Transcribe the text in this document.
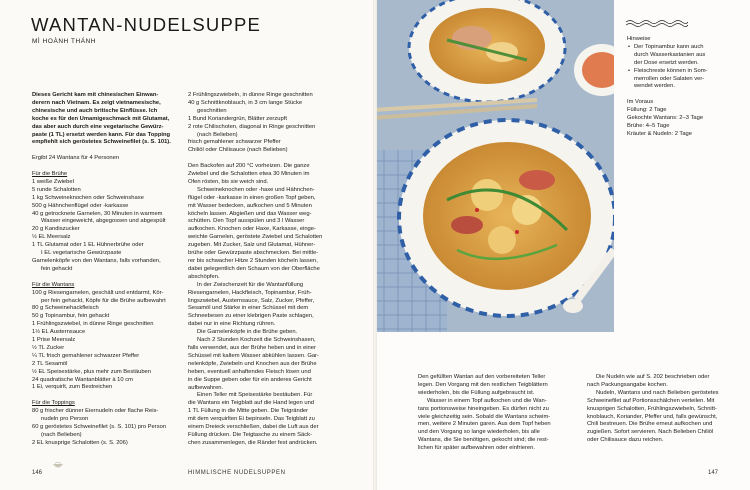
WANTAN-NUDELSUPPE
MÌ HOÀNH THÁNH

Dieses Gericht kam mit chinesischen Einwan-

derern nach Vietnam. Es zeigt vietnamesische,

chinesische und auch britische Einflüsse. Ich

koche es für den Umamigeschmack mit Glutamat,

das aber auch durch eine vegetarische Gewürz-

paste (1 TL) ersetzt werden kann. Für das Topping

empfiehlt sich geröstetes Schweinefilet (s. S. 101).

Ergibt 24 Wantans für 4 Personen

Für die Brühe

1 weiße Zwiebel

5 runde Schalotten

1 kg Schweineknochen oder Schweinshaxe

500 g Hähnchenflügel oder -karkasse

40 g getrocknete Garnelen, 30 Minuten in warmem

Wasser eingeweicht, abgegossen und abgespült

20 g Kandiszucker

½ EL Meersalz

1 TL Glutamat oder 1 EL Hühnerbrühe oder

I EL vegetarische Gewürzpaste

Garnelenköpfe von den Wantans, falls vorhanden,

fein gehackt

Für die Wantans

100 g Riesengarnelen, geschält und entdarmt, Kör-

per fein gehackt, Köpfe für die Brühe aufbewahrt

80 g Schweinehackfleisch

50 g Topinambur, fein gehackt

1 Frühlingszwiebel, in dünne Ringe geschnitten

1½ EL Austernsauce

1 Prise Meersalz

½ TL Zucker

¼ TL frisch gemahlener schwarzer Pfeffer

2 TL Sesamöl

½ EL Speisestärke, plus mehr zum Bestäuben

24 quadratische Wantanblätter à 10 cm

1 Ei, verquirlt, zum Bestreichen

Für die Toppings

80 g frischer dünner Eiernudeln oder flache Reis-

nudeln pro Person

60 g geröstetes Schweinefilet (s. S. 101) pro Person

(nach Belieben)

2 EL knusprige Schalotten (s. S. 206)

2 Frühlingszwiebeln, in dünne Ringe geschnitten

40 g Schnittknoblauch, in 3 cm lange Stücke

geschnitten

1 Bund Koriandergrün, Blätter zerzupft

2 rote Chilischoten, diagonal in Ringe geschnitten

(nach Belieben)

frisch gemahlener schwarzer Pfeffer

Chiliöl oder Chilisauce (nach Belieben)

Den Backofen auf 200 °C vorheizen. Die ganze

Zwiebel und die Schalotten etwa 30 Minuten im

Ofen rösten, bis sie weich sind.

Schweineknochen oder -haxe und Hähnchen-

flügel oder -karkasse in einen großen Topf geben,

mit Wasser bedecken, aufkochen und 5 Minuten

köcheln lassen. Abgießen und das Wasser weg-

schütten. Den Topf ausspülen und 3 l Wasser

aufkochen. Knochen oder Haxe, Karkasse, einge-

weichte Garnelen, geröstete Zwiebel und Schalotten

zugeben. Mit Zucker, Salz und Glutamat, Hühner-

brühe oder Gewürzpaste abschmecken. Bei mittle-

rer bis schwacher Hitze 2 Stunden köcheln lassen,

dabei gelegentlich den Schaum von der Oberfläche

abschöpfen.

In der Zwischenzeit für die Wantanfüllung

Riesengarnelen, Hackfleisch, Topinambur, Früh-

lingszwiebel, Austernsauce, Salz, Zucker, Pfeffer,

Sesamöl und Stärke in einer Schüssel mit dem

Schneebesen zu einer klebrigen Paste schlagen,

dabei nur in eine Richtung rühren.

Die Garnelenköpfe in die Brühe geben.

Nach 2 Stunden Kochzeit die Schweinshaxen,

falls verwendet, aus der Brühe heben und in einer

Schüssel mit kaltem Wasser abkühlen lassen. Gar-

nelenköpfe, Zwiebeln und Knochen aus der Brühe

heben, eventuell anhaftendes Fleisch lösen und

in die Suppe geben oder für ein anderes Gericht

aufbewahren.

Einen Teller mit Speisestärke bestäuben. Für

die Wantans ein Teigblatt auf die Hand legen und

1 TL Füllung in die Mitte geben. Die Teigränder

mit dem verquirlten Ei bepinseln. Das Teigblatt zu

einem Dreieck verschließen, dabei die Luft aus der

Füllung drücken. Die Teigtasche zu einem Säck-

chen zusammenlegen, die Ränder fest andrücken.

146	HIMMLISCHE NUDELSUPPEN

Hinweise

• Der Topinambur kann auch

durch Wasserkastanien aus

der Dose ersetzt werden.

• Fleischreste können in Som-

merrollen oder Salaten ver-

wendet werden.

Im Voraus

Füllung: 2 Tage

Gekochte Wantans: 2–3 Tage

Brühe: 4–5 Tage

Kräuter & Nudeln: 2 Tage

Den gefüllten Wantan auf den vorbereiteten Teller

legen. Den Vorgang mit den restlichen Teigblättern

wiederholen, bis die Füllung aufgebraucht ist.

Wasser in einem Topf aufkochen und die Wan-

tans portionsweise hineingeben. Es dürfen nicht zu

viele gleichzeitig sein. Sobald die Wantans schwim-

men, weitere 2 Minuten garen. Aus dem Topf heben

und den Vorgang so lange wiederholen, bis alle

Wantans, die Sie benötigen, gekocht sind; die rest-

lichen für später aufbewahren oder einfrieren.

Die Nudeln wie auf S. 202 beschrieben oder

nach Packungsangabe kochen.

Nudeln, Wantans und nach Belieben geröstetes

Schweinefilet auf Portionsschälchen verteilen. Mit

knusprigen Schalotten, Frühlingszwiebeln, Schnitt-

knoblauch, Koriander, Pfeffer und, falls gewünscht,

Chili bestreuen. Die Brühe erneut aufkochen und

zugießen. Sofort servieren. Nach Belieben Chiliöl

oder Chilisauce dazu reichen.

147
